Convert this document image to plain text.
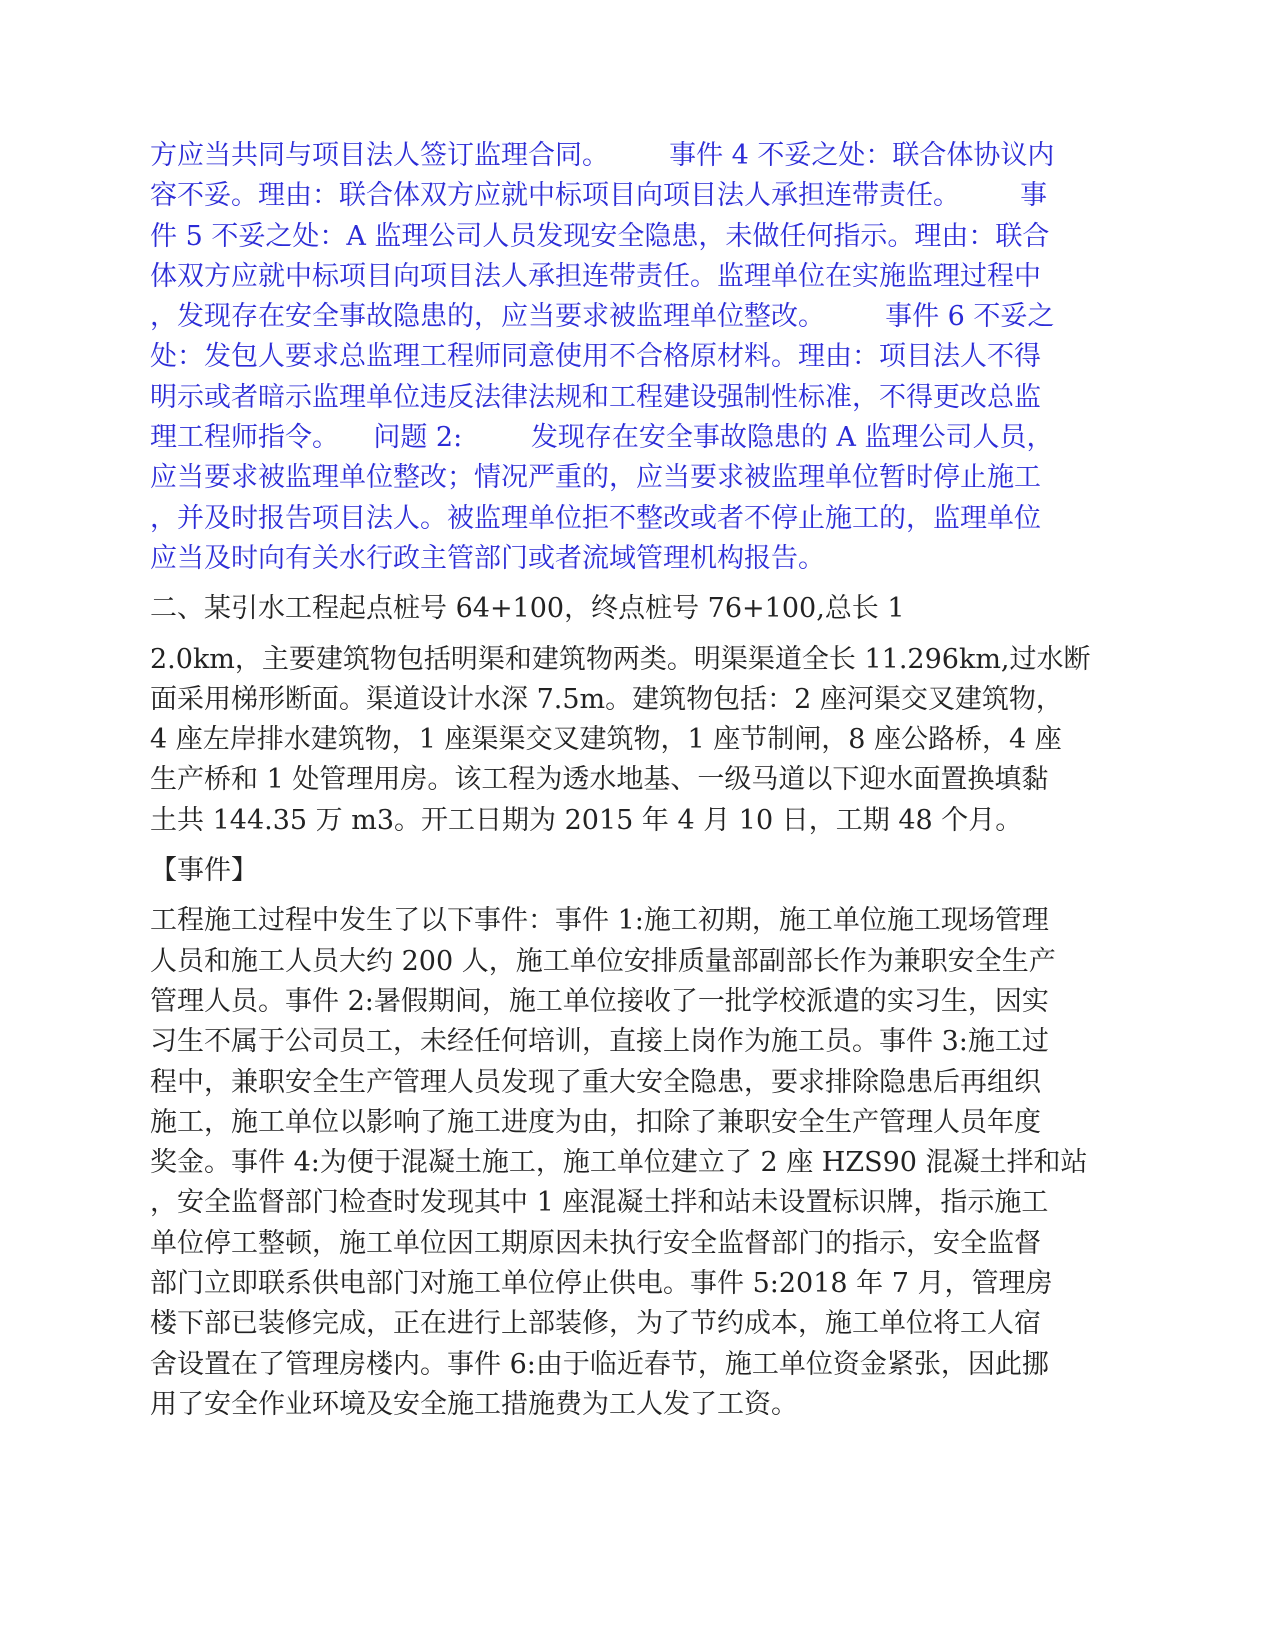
方应当共同与项目法人签订监理合同。       事件 4 不妥之处：联合体协议内
容不妥。理由：联合体双方应就中标项目向项目法人承担连带责任。       事
件 5 不妥之处：A 监理公司人员发现安全隐患，未做任何指示。理由：联合
体双方应就中标项目向项目法人承担连带责任。监理单位在实施监理过程中
，发现存在安全事故隐患的，应当要求被监理单位整改。       事件 6 不妥之
处：发包人要求总监理工程师同意使用不合格原材料。理由：项目法人不得
明示或者暗示监理单位违反法律法规和工程建设强制性标准，不得更改总监
理工程师指令。    问题 2:        发现存在安全事故隐患的 A 监理公司人员，
应当要求被监理单位整改；情况严重的，应当要求被监理单位暂时停止施工
，并及时报告项目法人。被监理单位拒不整改或者不停止施工的，监理单位
应当及时向有关水行政主管部门或者流域管理机构报告。
二、某引水工程起点桩号 64+100，终点桩号 76+100,总长 1
2.0km，主要建筑物包括明渠和建筑物两类。明渠渠道全长 11.296km,过水断
面采用梯形断面。渠道设计水深 7.5m。建筑物包括：2 座河渠交叉建筑物，
4 座左岸排水建筑物，1 座渠渠交叉建筑物，1 座节制闸，8 座公路桥，4 座
生产桥和 1 处管理用房。该工程为透水地基、一级马道以下迎水面置换填黏
土共 144.35 万 m3。开工日期为 2015 年 4 月 10 日，工期 48 个月。
【事件】
工程施工过程中发生了以下事件：事件 1:施工初期，施工单位施工现场管理
人员和施工人员大约 200 人，施工单位安排质量部副部长作为兼职安全生产
管理人员。事件 2:暑假期间，施工单位接收了一批学校派遣的实习生，因实
习生不属于公司员工，未经任何培训，直接上岗作为施工员。事件 3:施工过
程中，兼职安全生产管理人员发现了重大安全隐患，要求排除隐患后再组织
施工，施工单位以影响了施工进度为由，扣除了兼职安全生产管理人员年度
奖金。事件 4:为便于混凝土施工，施工单位建立了 2 座 HZS90 混凝土拌和站
，安全监督部门检查时发现其中 1 座混凝土拌和站未设置标识牌，指示施工
单位停工整顿，施工单位因工期原因未执行安全监督部门的指示，安全监督
部门立即联系供电部门对施工单位停止供电。事件 5:2018 年 7 月，管理房
楼下部已装修完成，正在进行上部装修，为了节约成本，施工单位将工人宿
舍设置在了管理房楼内。事件 6:由于临近春节，施工单位资金紧张，因此挪
用了安全作业环境及安全施工措施费为工人发了工资。
